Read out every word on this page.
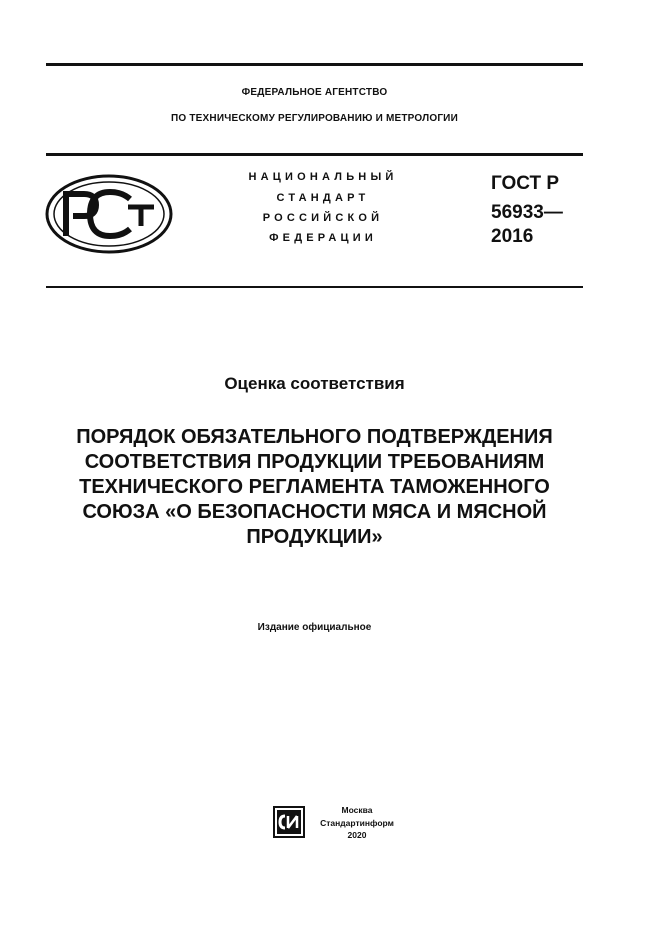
ФЕДЕРАЛЬНОЕ АГЕНТСТВО
ПО ТЕХНИЧЕСКОМУ РЕГУЛИРОВАНИЮ И МЕТРОЛОГИИ
НАЦИОНАЛЬНЫЙ
СТАНДАРТ
РОССИЙСКОЙ
ФЕДЕРАЦИИ
ГОСТ Р
56933—
2016
Оценка соответствия
ПОРЯДОК ОБЯЗАТЕЛЬНОГО ПОДТВЕРЖДЕНИЯ
СООТВЕТСТВИЯ ПРОДУКЦИИ ТРЕБОВАНИЯМ
ТЕХНИЧЕСКОГО РЕГЛАМЕНТА ТАМОЖЕННОГО
СОЮЗА «О БЕЗОПАСНОСТИ МЯСА И МЯСНОЙ
ПРОДУКЦИИ»
Издание официальное
Москва
Стандартинформ
2020
